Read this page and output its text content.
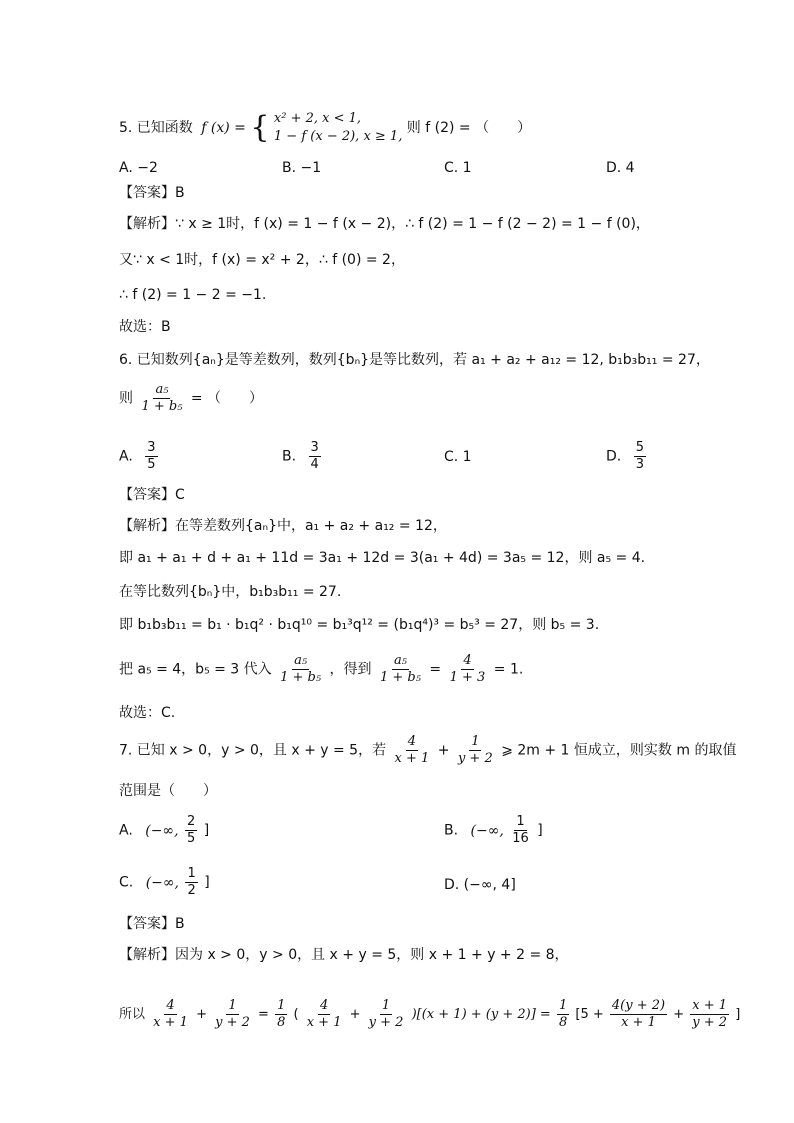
5. 已知函数 f (x) = { x² + 2, x < 1,
1 − f (x − 2), x ≥ 1,
则 f (2) = （　　）
A. −2	B. −1	C. 1	D. 4
【答案】B
【解析】∵ x ≥ 1时，f (x) = 1 − f (x − 2)，∴ f (2) = 1 − f (2 − 2) = 1 − f (0)，
又∵ x < 1时，f (x) = x² + 2，∴ f (0) = 2，
∴ f (2) = 1 − 2 = −1.
故选：B
6. 已知数列{aₙ}是等差数列，数列{bₙ}是等比数列，若 a₁ + a₂ + a₁₂ = 12, b₁b₃b₁₁ = 27，
则 $\frac{\text{a₅}}{\text{1 + b₅}}$ = （　　）
A. $\frac{3}{5}$	B. $\frac{3}{4}$	C. 1	D. $\frac{5}{3}$
【答案】C
【解析】在等差数列{aₙ}中，a₁ + a₂ + a₁₂ = 12，
即 a₁ + a₁ + d + a₁ + 11d = 3a₁ + 12d = 3(a₁ + 4d) = 3a₅ = 12，则 a₅ = 4.
在等比数列{bₙ}中，b₁b₃b₁₁ = 27.
即 b₁b₃b₁₁ = b₁ · b₁q² · b₁q¹⁰ = b₁³q¹² = (b₁q⁴)³ = b₅³ = 27，则 b₅ = 3.
把 a₅ = 4，b₅ = 3 代入 $\frac{\text{a₅}}{\text{1 + b₅}}$ ，得到 $\frac{\text{a₅}}{\text{1 + b₅}} = \frac{4}{1 + 3} = 1$.
故选：C.
7. 已知 x > 0，y > 0，且 x + y = 5，若 $\frac{4}{x + 1} + \frac{1}{y + 2}$ ⩾ 2m + 1 恒成立，则实数 m 的取值
范围是（　　）
A. (−∞, $\frac{2}{5}$ ]	B. (−∞, $\frac{1}{16}$ ]
C. (−∞, $\frac{1}{2}$ ]	D. (−∞, 4]
【答案】B
【解析】因为 x > 0，y > 0，且 x + y = 5，则 x + 1 + y + 2 = 8，
所以 $\frac{4}{x + 1} + \frac{1}{y + 2} = \frac{1}{8}$ ( $\frac{4}{x + 1} + \frac{1}{y + 2} )[(x + 1) + (y + 2)] = \frac{1}{8} [5 + \frac{4(y + 2)}{x + 1} + \frac{x + 1}{y + 2}$ ]
